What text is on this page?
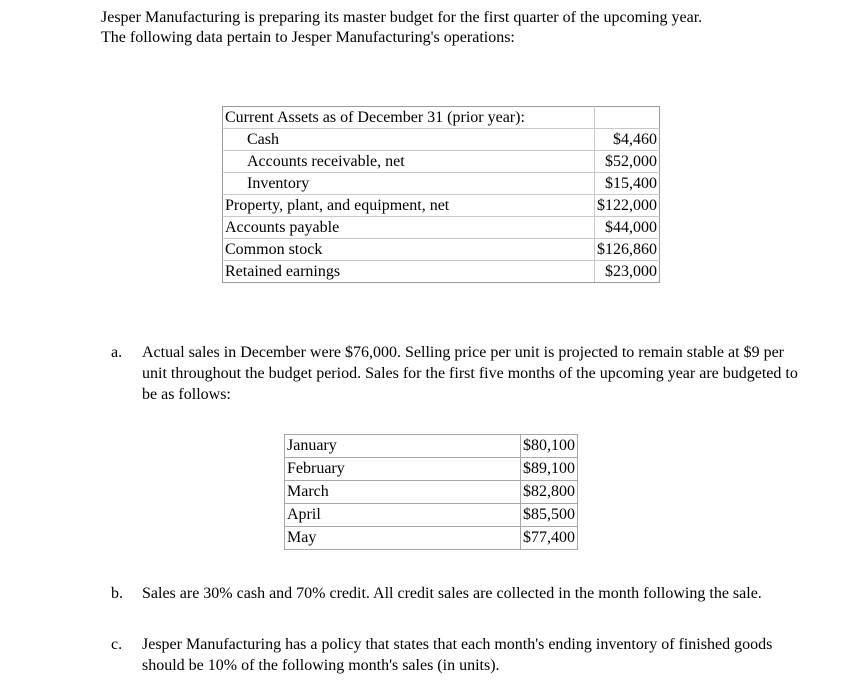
Jesper Manufacturing is preparing its master budget for the first quarter of the upcoming year.
The following data pertain to Jesper Manufacturing's operations:
Current Assets as of December 31 (prior year):	
Cash	$4,460
Accounts receivable, net	$52,000
Inventory	$15,400
Property, plant, and equipment, net	$122,000
Accounts payable	$44,000
Common stock	$126,860
Retained earnings	$23,000
a.	Actual sales in December were $76,000. Selling price per unit is projected to remain stable at $9 per unit throughout the budget period. Sales for the first five months of the upcoming year are budgeted to be as follows:
January	$80,100
February	$89,100
March	$82,800
April	$85,500
May	$77,400
b.	Sales are 30% cash and 70% credit. All credit sales are collected in the month following the sale.
c.	Jesper Manufacturing has a policy that states that each month's ending inventory of finished goods should be 10% of the following month's sales (in units).
